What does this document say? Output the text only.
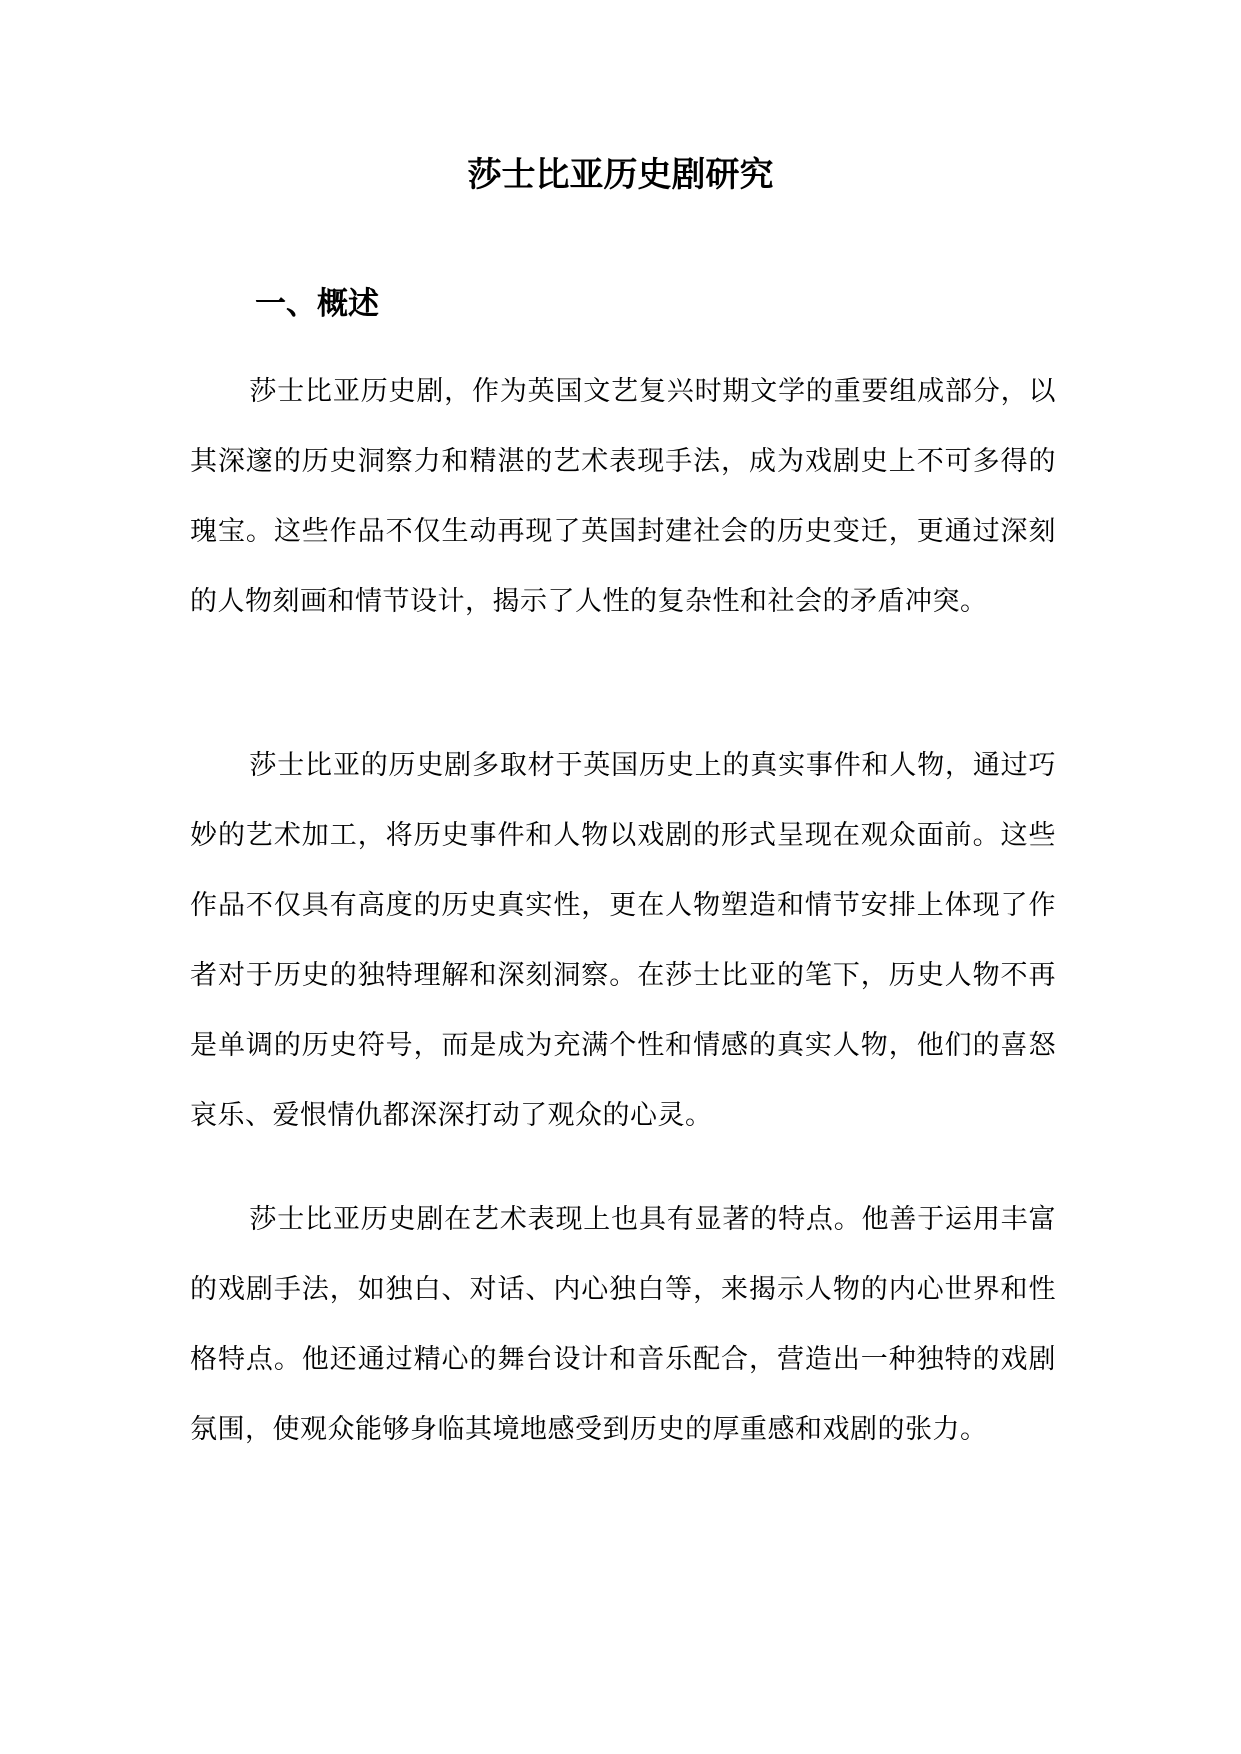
莎士比亚历史剧研究
一、概述

莎士比亚历史剧，作为英国文艺复兴时期文学的重要组成部分，以其深邃的历史洞察力和精湛的艺术表现手法，成为戏剧史上不可多得的瑰宝。这些作品不仅生动再现了英国封建社会的历史变迁，更通过深刻的人物刻画和情节设计，揭示了人性的复杂性和社会的矛盾冲突。

莎士比亚的历史剧多取材于英国历史上的真实事件和人物，通过巧妙的艺术加工，将历史事件和人物以戏剧的形式呈现在观众面前。这些作品不仅具有高度的历史真实性，更在人物塑造和情节安排上体现了作者对于历史的独特理解和深刻洞察。在莎士比亚的笔下，历史人物不再是单调的历史符号，而是成为充满个性和情感的真实人物，他们的喜怒哀乐、爱恨情仇都深深打动了观众的心灵。

莎士比亚历史剧在艺术表现上也具有显著的特点。他善于运用丰富的戏剧手法，如独白、对话、内心独白等，来揭示人物的内心世界和性格特点。他还通过精心的舞台设计和音乐配合，营造出一种独特的戏剧氛围，使观众能够身临其境地感受到历史的厚重感和戏剧的张力。
